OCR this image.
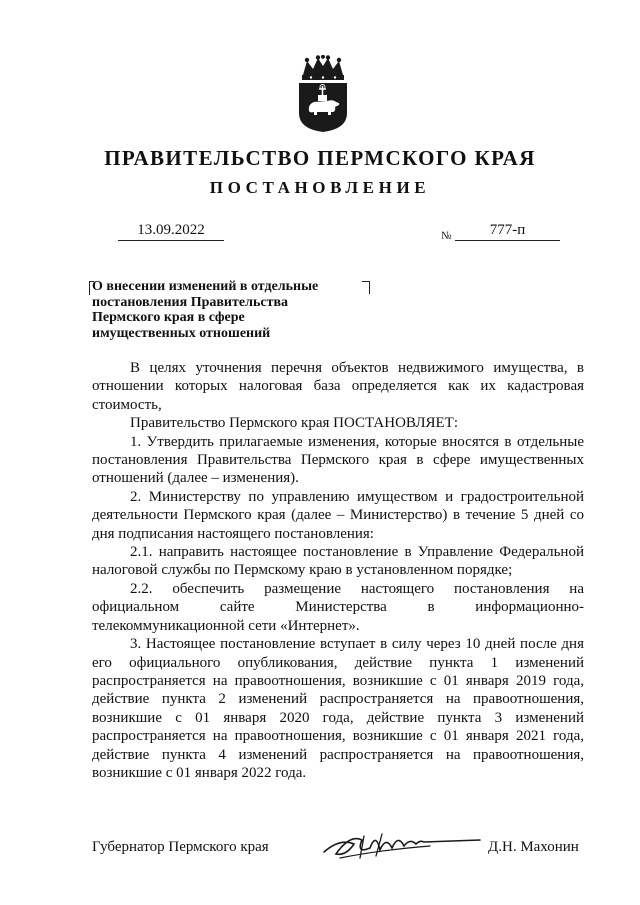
ПРАВИТЕЛЬСТВО ПЕРМСКОГО КРАЯ
ПОСТАНОВЛЕНИЕ
13.09.2022	№	777-п
О внесении изменений в отдельные
постановления Правительства
Пермского края в сфере
имущественных отношений

В целях уточнения перечня объектов недвижимого имущества, в отношении которых налоговая база определяется как их кадастровая стоимость,

Правительство Пермского края ПОСТАНОВЛЯЕТ:

1. Утвердить прилагаемые изменения, которые вносятся в отдельные постановления Правительства Пермского края в сфере имущественных отношений (далее – изменения).

2. Министерству по управлению имуществом и градостроительной деятельности Пермского края (далее – Министерство) в течение 5 дней со дня подписания настоящего постановления:

2.1. направить настоящее постановление в Управление Федеральной налоговой службы по Пермскому краю в установленном порядке;

2.2. обеспечить размещение настоящего постановления на официальном сайте Министерства в информационно-телекоммуникационной сети «Интернет».

3. Настоящее постановление вступает в силу через 10 дней после дня его официального опубликования, действие пункта 1 изменений распространяется на правоотношения, возникшие с 01 января 2019 года, действие пункта 2 изменений распространяется на правоотношения, возникшие с 01 января 2020 года, действие пункта 3 изменений распространяется на правоотношения, возникшие с 01 января 2021 года, действие пункта 4 изменений распространяется на правоотношения, возникшие с 01 января 2022 года.

Губернатор Пермского края	Д.Н. Махонин
